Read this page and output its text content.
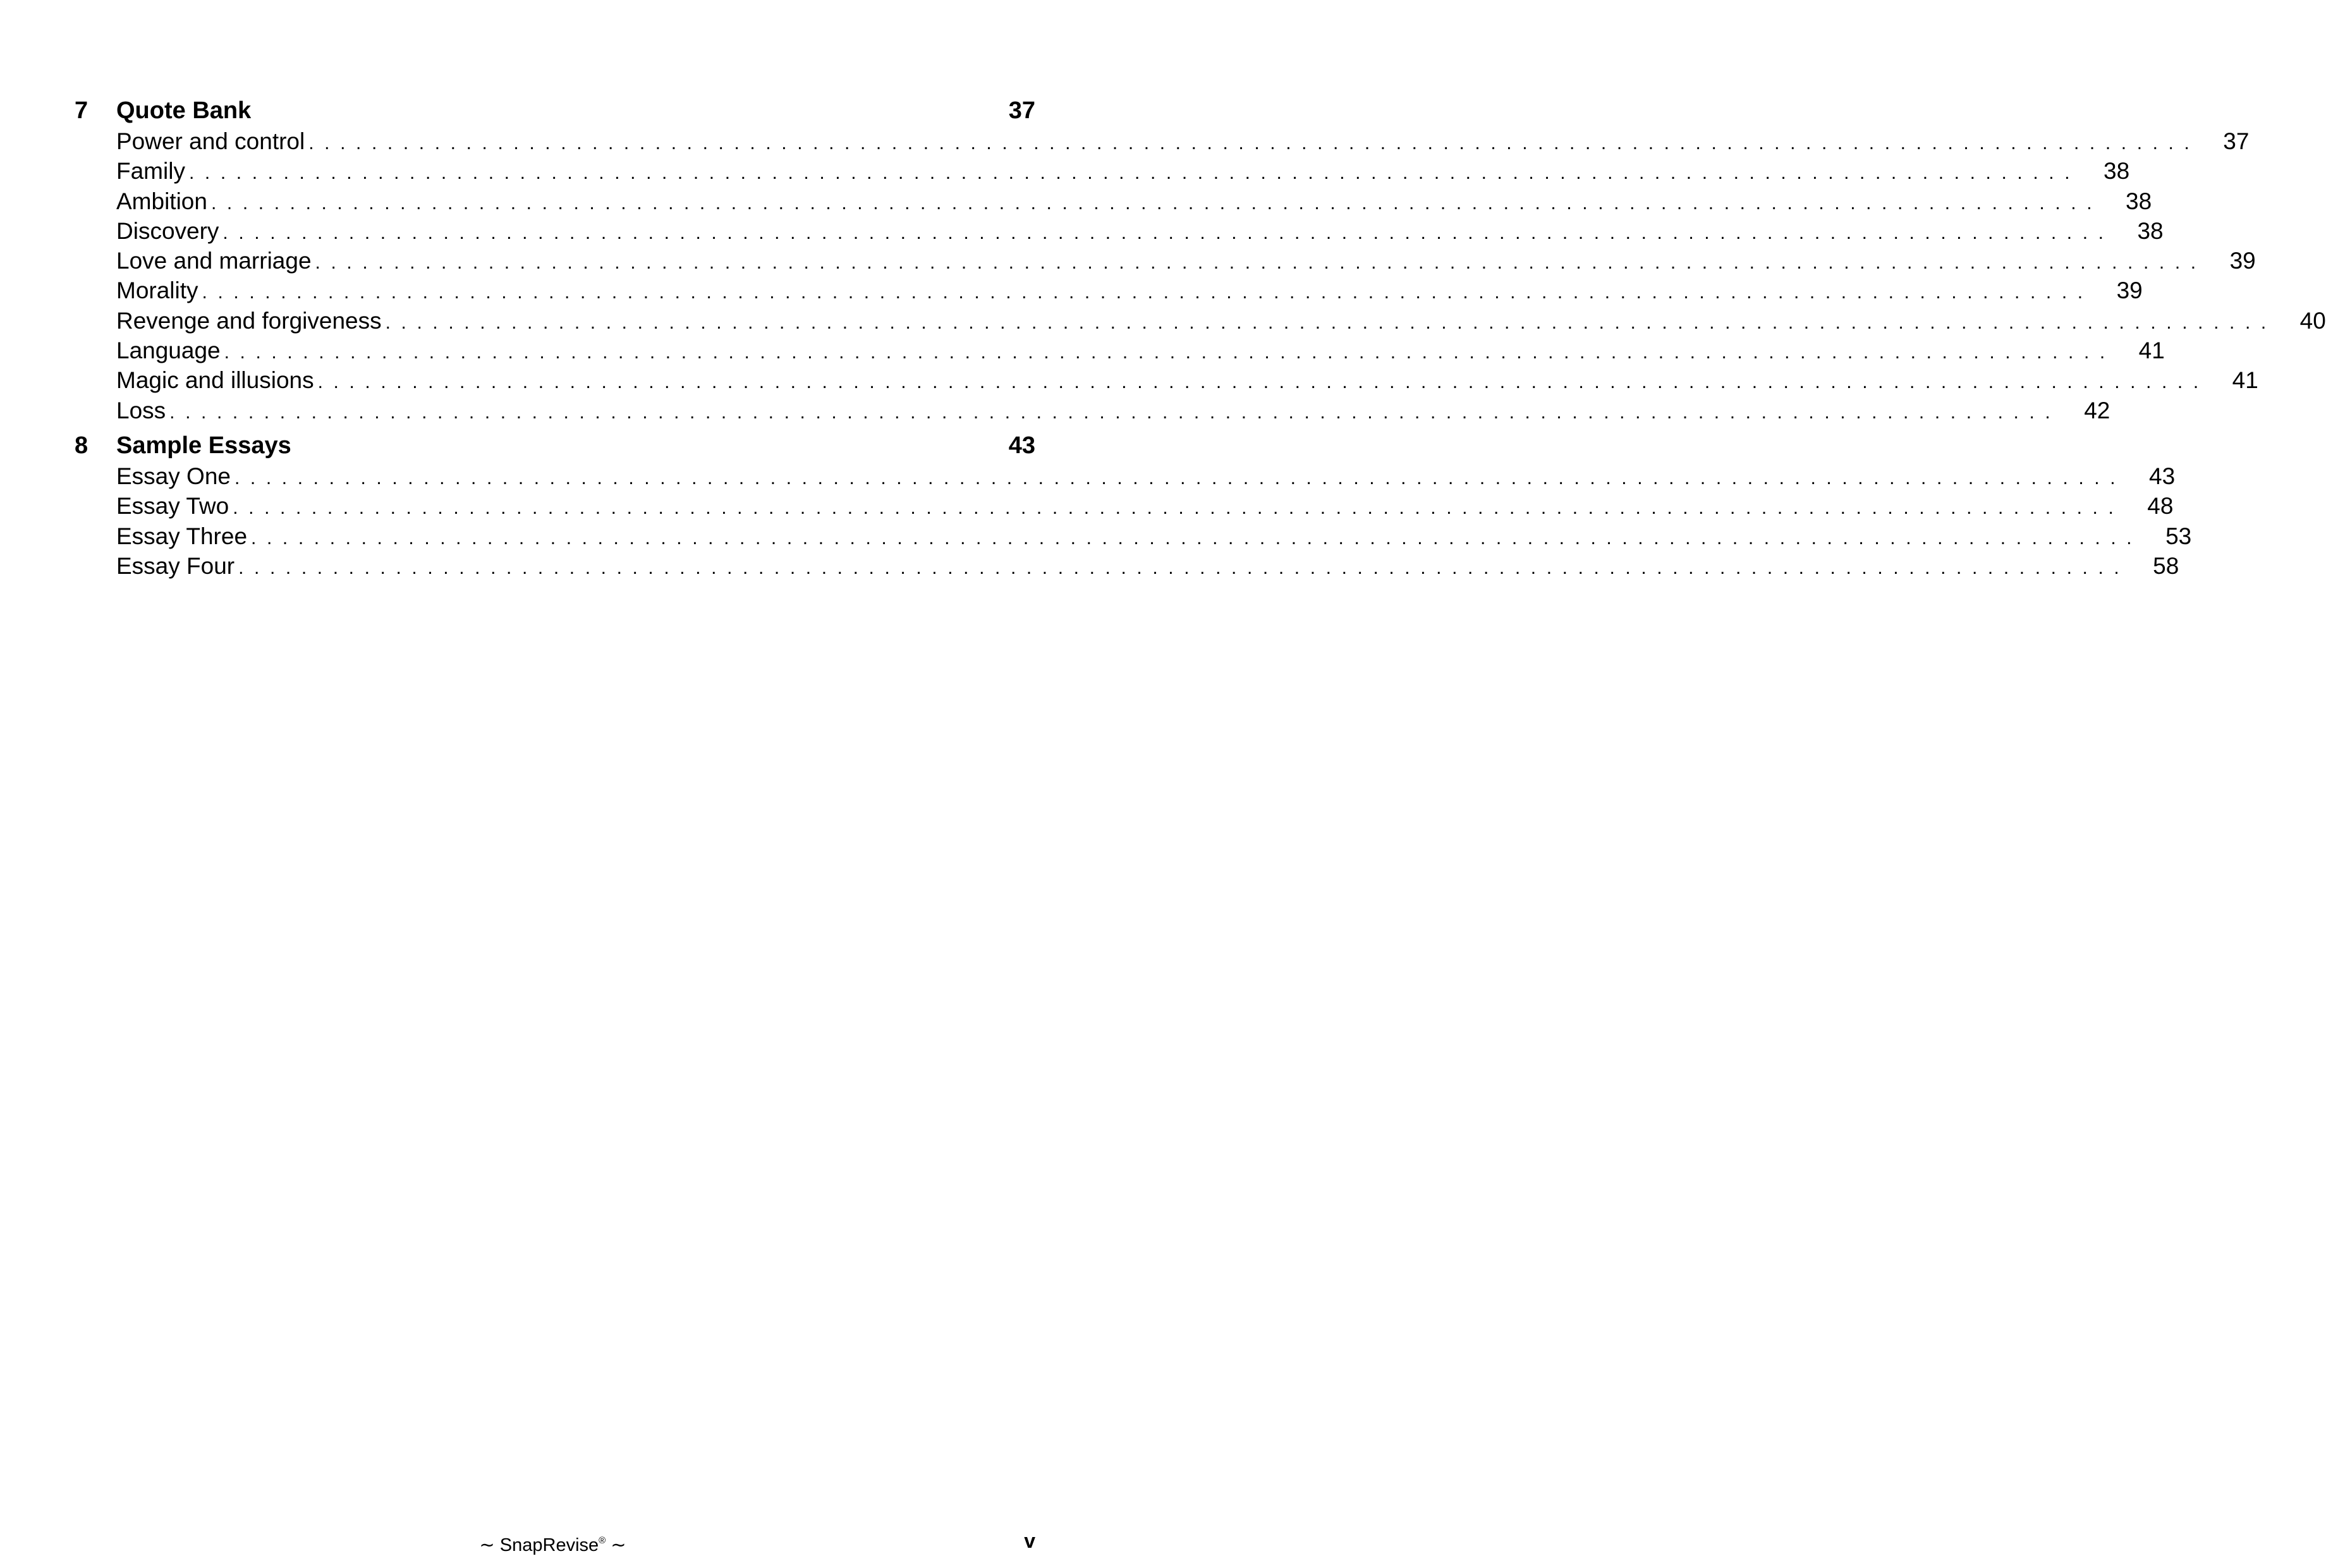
7	Quote Bank	37
Power and control ........................................................................................................................ 37
Family ........................................................................................................................ 38
Ambition ........................................................................................................................ 38
Discovery ........................................................................................................................ 38
Love and marriage ........................................................................................................................ 39
Morality ........................................................................................................................ 39
Revenge and forgiveness ........................................................................................................................ 40
Language ........................................................................................................................ 41
Magic and illusions ........................................................................................................................ 41
Loss ........................................................................................................................ 42
8	Sample Essays	43
Essay One ........................................................................................................................ 43
Essay Two ........................................................................................................................ 48
Essay Three ........................................................................................................................ 53
Essay Four ........................................................................................................................ 58
∼ SnapRevise® ∼	v
